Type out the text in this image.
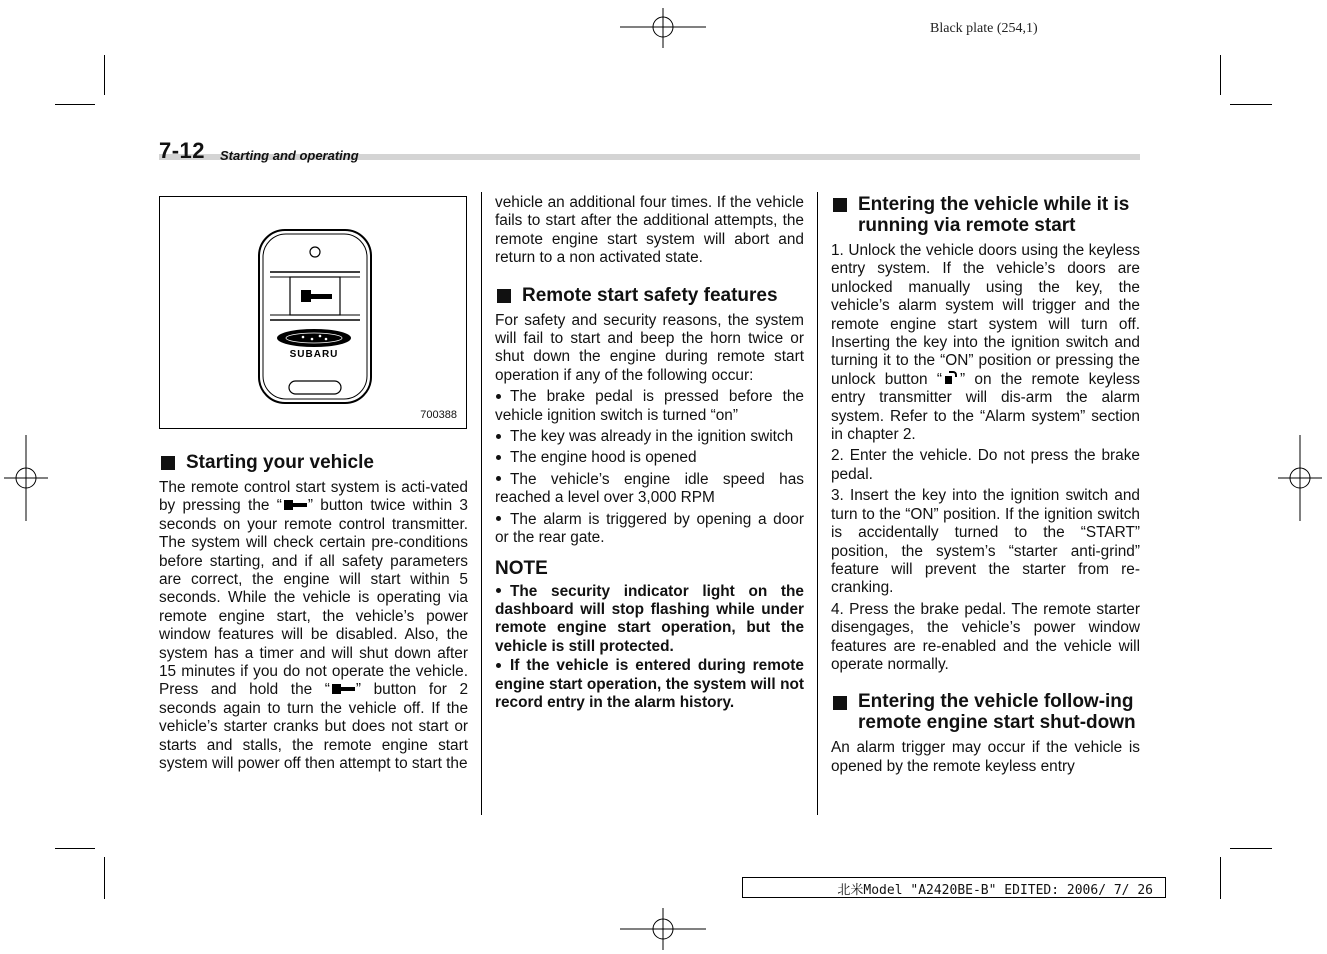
Black plate (254,1)
7-12 Starting and operating
SUBARU
700388
Starting your vehicle

The remote control start system is acti-vated by pressing the “ ” button twice within 3 seconds on your remote control transmitter. The system will check certain pre-conditions before starting, and if all safety parameters are correct, the engine will start within 5 seconds. While the vehicle is operating via remote engine start, the vehicle’s power window features will be disabled. Also, the system has a timer and will shut down after 15 minutes if you do not operate the vehicle. Press and hold the “ ” button for 2 seconds again to turn the vehicle off. If the vehicle’s starter cranks but does not start or starts and stalls, the remote engine start system will power off then attempt to start the

vehicle an additional four times. If the vehicle fails to start after the additional attempts, the remote engine start system will abort and return to a non activated state.

Remote start safety features

For safety and security reasons, the system will fail to start and beep the horn twice or shut down the engine during remote start operation if any of the following occur:

The brake pedal is pressed before the vehicle ignition switch is turned “on”

The key was already in the ignition switch

The engine hood is opened

The vehicle’s engine idle speed has reached a level over 3,000 RPM

The alarm is triggered by opening a door or the rear gate.

NOTE

The security indicator light on the dashboard will stop flashing while under remote engine start operation, but the vehicle is still protected.

If the vehicle is entered during remote engine start operation, the system will not record entry in the alarm history.

Entering the vehicle while it is running via remote start

1. Unlock the vehicle doors using the keyless entry system. If the vehicle’s doors are unlocked manually using the key, the vehicle’s alarm system will trigger and the remote engine start system will turn off. Inserting the key into the ignition switch and turning it to the “ON” position or pressing the unlock button “ ” on the remote keyless entry transmitter will dis-arm the alarm system. Refer to the “Alarm system” section in chapter 2.

2. Enter the vehicle. Do not press the brake pedal.

3. Insert the key into the ignition switch and turn to the “ON” position. If the ignition switch is accidentally turned to the “START” position, the system’s “starter anti-grind” feature will prevent the starter from re-cranking.

4. Press the brake pedal. The remote starter disengages, the vehicle’s power window features are re-enabled and the vehicle will operate normally.

Entering the vehicle follow-ing remote engine start shut-down

An alarm trigger may occur if the vehicle is opened by the remote keyless entry

北米Model "A2420BE-B" EDITED: 2006/ 7/ 26
